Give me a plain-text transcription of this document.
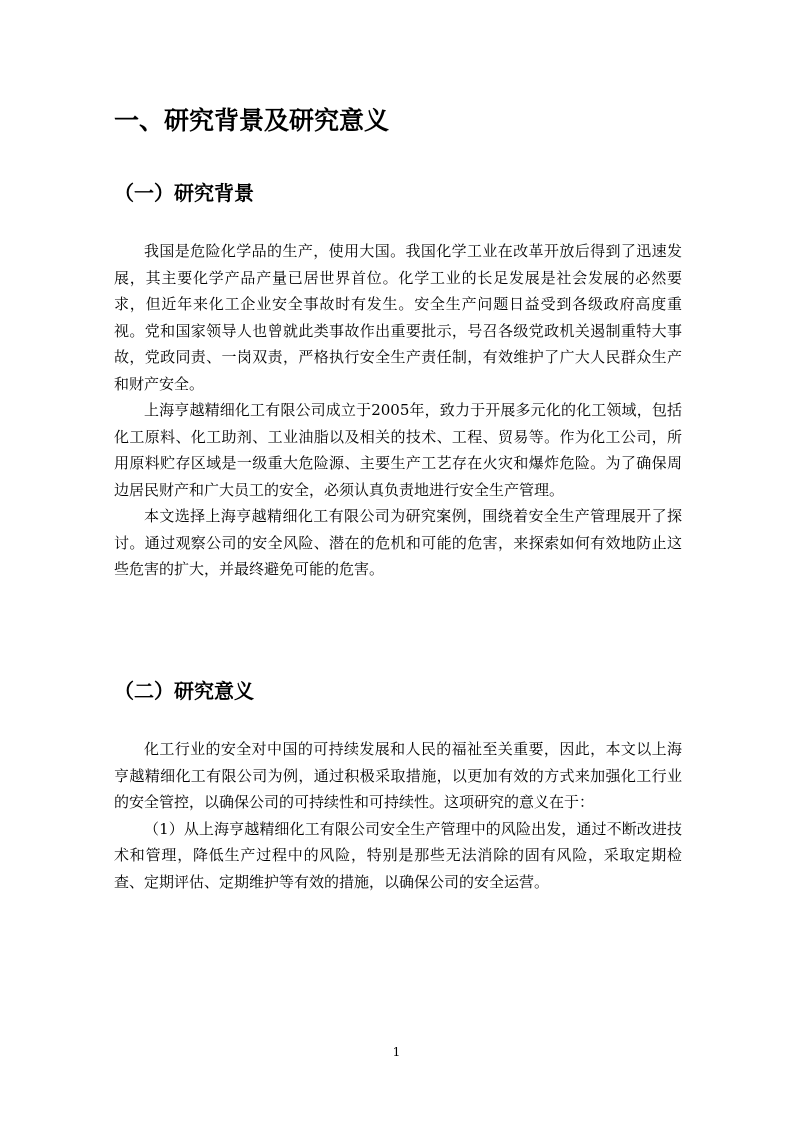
一、研究背景及研究意义
（一）研究背景

我国是危险化学品的生产，使用大国。我国化学工业在改革开放后得到了迅速发展，其主要化学产品产量已居世界首位。化学工业的长足发展是社会发展的必然要求，但近年来化工企业安全事故时有发生。安全生产问题日益受到各级政府高度重视。党和国家领导人也曾就此类事故作出重要批示，号召各级党政机关遏制重特大事故，党政同责、一岗双责，严格执行安全生产责任制，有效维护了广大人民群众生产和财产安全。

上海亨越精细化工有限公司成立于2005年，致力于开展多元化的化工领域，包括化工原料、化工助剂、工业油脂以及相关的技术、工程、贸易等。作为化工公司，所用原料贮存区域是一级重大危险源、主要生产工艺存在火灾和爆炸危险。为了确保周边居民财产和广大员工的安全，必须认真负责地进行安全生产管理。

本文选择上海亨越精细化工有限公司为研究案例，围绕着安全生产管理展开了探讨。通过观察公司的安全风险、潜在的危机和可能的危害，来探索如何有效地防止这些危害的扩大，并最终避免可能的危害。

（二）研究意义

化工行业的安全对中国的可持续发展和人民的福祉至关重要，因此，本文以上海亨越精细化工有限公司为例，通过积极采取措施，以更加有效的方式来加强化工行业的安全管控，以确保公司的可持续性和可持续性。这项研究的意义在于：

（1）从上海亨越精细化工有限公司安全生产管理中的风险出发，通过不断改进技术和管理，降低生产过程中的风险，特别是那些无法消除的固有风险，采取定期检查、定期评估、定期维护等有效的措施，以确保公司的安全运营。

1
